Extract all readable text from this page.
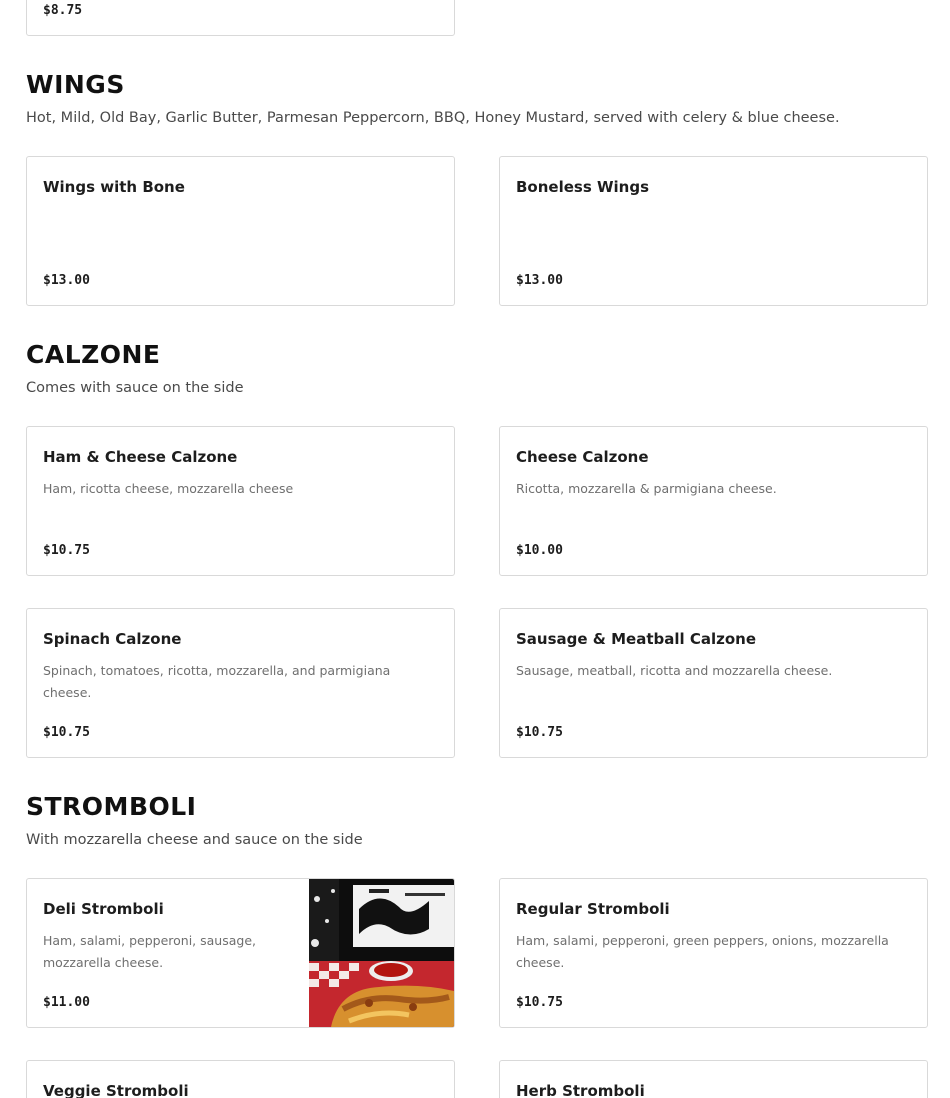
$8.75
WINGS
Hot, Mild, Old Bay, Garlic Butter, Parmesan Peppercorn, BBQ, Honey Mustard, served with celery & blue cheese.
Wings with Bone
$13.00
Boneless Wings
$13.00
CALZONE
Comes with sauce on the side
Ham & Cheese Calzone
Ham, ricotta cheese, mozzarella cheese
$10.75
Cheese Calzone
Ricotta, mozzarella & parmigiana cheese.
$10.00
Spinach Calzone
Spinach, tomatoes, ricotta, mozzarella, and parmigiana cheese.
$10.75
Sausage & Meatball Calzone
Sausage, meatball, ricotta and mozzarella cheese.
$10.75
STROMBOLI
With mozzarella cheese and sauce on the side
Deli Stromboli
Ham, salami, pepperoni, sausage, mozzarella cheese.
$11.00
Regular Stromboli
Ham, salami, pepperoni, green peppers, onions, mozzarella cheese.
$10.75
Veggie Stromboli	Herb Stromboli
